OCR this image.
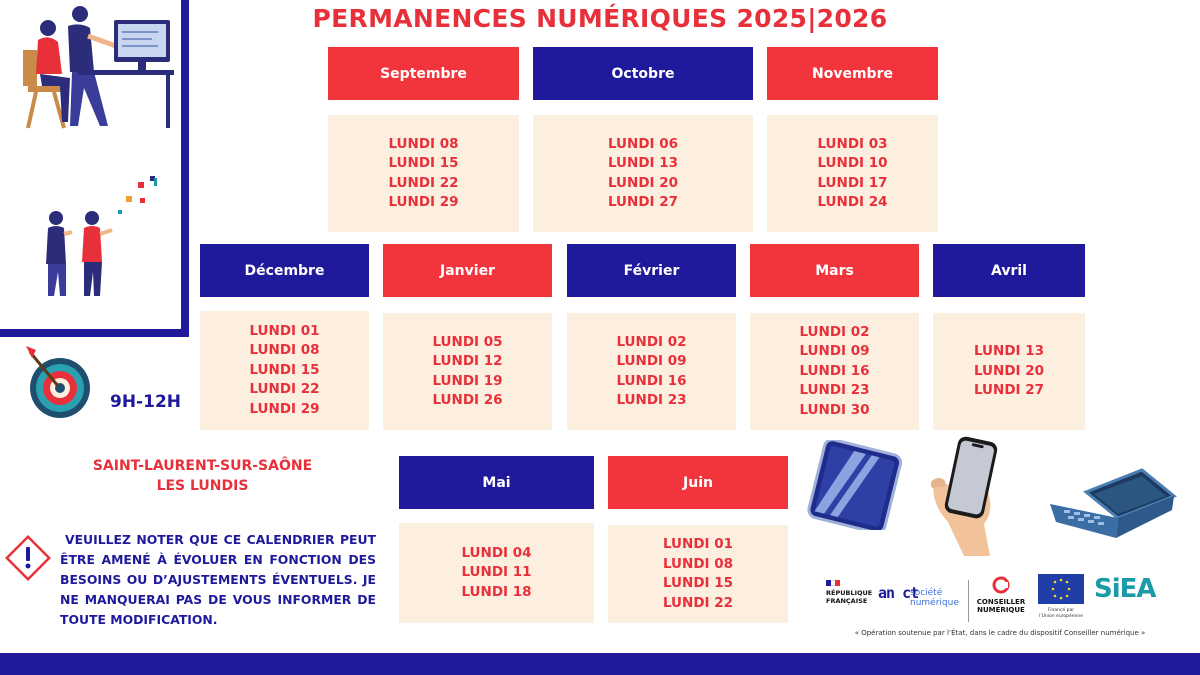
PERMANENCES NUMÉRIQUES 2025|2026
9H-12H
SAINT-LAURENT-SUR-SAÔNE
LES LUNDIS
VEUILLEZ NOTER QUE CE CALENDRIER PEUT ÊTRE AMENÉ À ÉVOLUER EN FONCTION DES BESOINS OU D’AJUSTEMENTS ÉVENTUELS. JE NE MANQUERAI PAS DE VOUS INFORMER DE TOUTE MODIFICATION.
Septembre
LUNDI 08
LUNDI 15
LUNDI 22
LUNDI 29
Octobre
LUNDI 06
LUNDI 13
LUNDI 20
LUNDI 27
Novembre
LUNDI 03
LUNDI 10
LUNDI 17
LUNDI 24
Décembre
LUNDI 01
LUNDI 08
LUNDI 15
LUNDI 22
LUNDI 29
Janvier
LUNDI 05
LUNDI 12
LUNDI 19
LUNDI 26
Février
LUNDI 02
LUNDI 09
LUNDI 16
LUNDI 23
Mars
LUNDI 02
LUNDI 09
LUNDI 16
LUNDI 23
LUNDI 30
Avril
LUNDI 13
LUNDI 20
LUNDI 27
Mai
LUNDI 04
LUNDI 11
LUNDI 18
Juin
LUNDI 01
LUNDI 08
LUNDI 15
LUNDI 22
RÉPUBLIQUE
FRANÇAISE an ct
société
numérique	CONSEILLER
NUMÉRIQUE	Financé par
l’Union européenne
SiEA
« Opération soutenue par l’État, dans le cadre du dispositif Conseiller numérique »
